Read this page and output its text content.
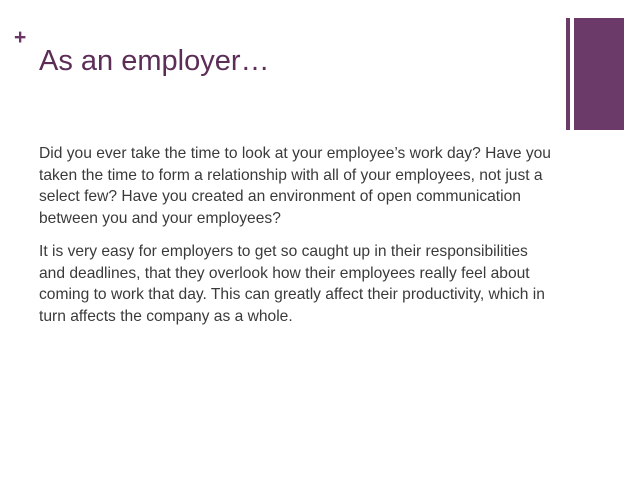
+
As an employer…

Did you ever take the time to look at your employee’s work day? Have you taken the time to form a relationship with all of your employees, not just a select few? Have you created an environment of open communication between you and your employees?

It is very easy for employers to get so caught up in their responsibilities and deadlines, that they overlook how their employees really feel about coming to work that day. This can greatly affect their productivity, which in turn affects the company as a whole.
